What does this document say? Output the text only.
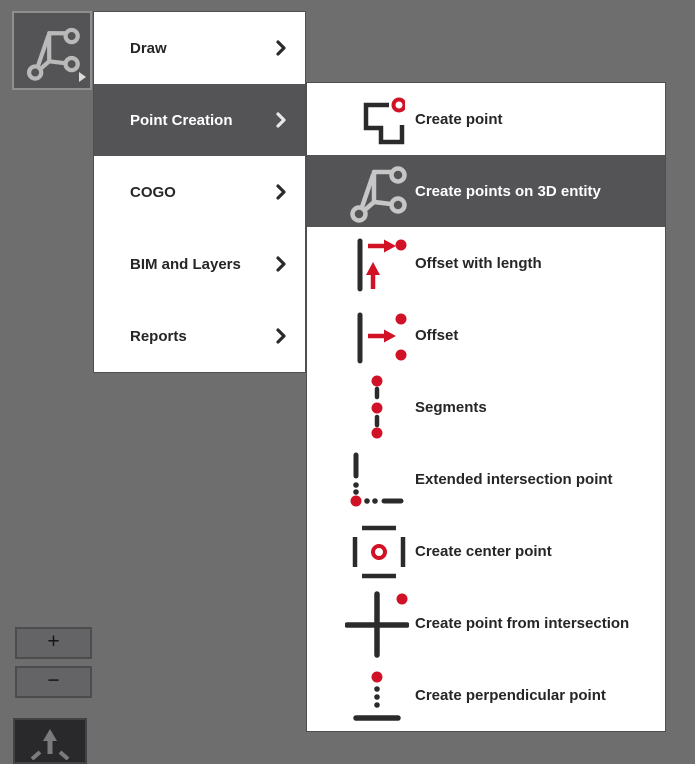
Draw
Point Creation
COGO
BIM and Layers
Reports
Create point
Create points on 3D entity
Offset with length
Offset
Segments
Extended intersection point
Create center point
Create point from intersection
Create perpendicular point
+
−
